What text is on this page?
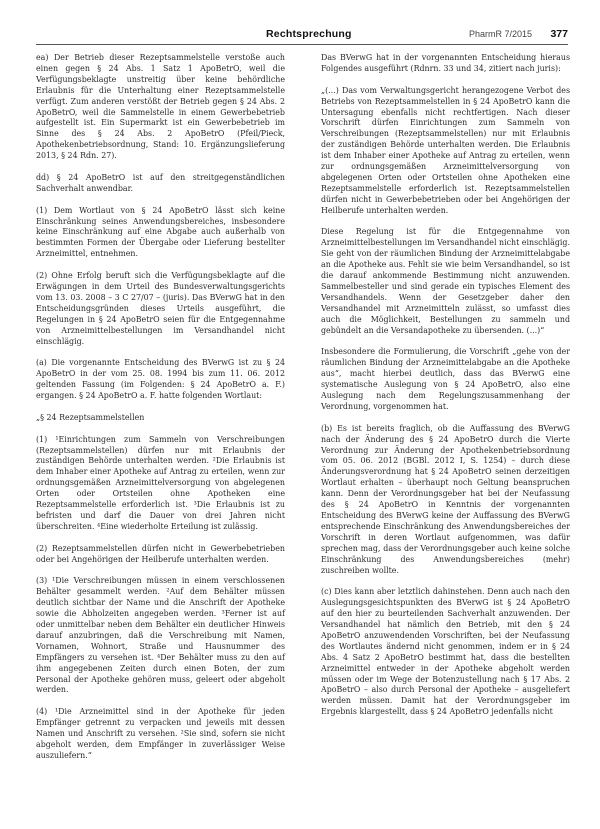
Rechtsprechung	PharmR 7/2015 377

ea) Der Betrieb dieser Rezeptsammelstelle verstoße auch einen gegen § 24 Abs. 1 Satz 1 ApoBetrO, weil die Verfügungsbeklagte unstreitig über keine behördliche Erlaubnis für die Unterhaltung einer Rezeptsammelstelle verfügt. Zum anderen verstößt der Betrieb gegen § 24 Abs. 2 ApoBetrO, weil die Sammelstelle in einem Gewerbebetrieb aufgestellt ist. Ein Supermarkt ist ein Gewerbebetrieb im Sinne des § 24 Abs. 2 ApoBetrO (Pfeil/Pieck, Apothekenbetriebsordnung, Stand: 10. Ergänzungslieferung 2013, § 24 Rdn. 27).

dd) § 24 ApoBetrO ist auf den streitgegenständlichen Sachverhalt anwendbar.

(1) Dem Wortlaut von § 24 ApoBetrO lässt sich keine Einschränkung seines Anwendungsbereiches, insbesondere keine Einschränkung auf eine Abgabe auch außerhalb von bestimmten Formen der Übergabe oder Lieferung bestellter Arzneimittel, entnehmen.

(2) Ohne Erfolg beruft sich die Verfügungsbeklagte auf die Erwägungen in dem Urteil des Bundesverwaltungsgerichts vom 13. 03. 2008 – 3 C 27/07 – (juris). Das BVerwG hat in den Entscheidungsgründen dieses Urteils ausgeführt, die Regelungen in § 24 ApoBetrO seien für die Entgegennahme von Arzneimittelbestellungen im Versandhandel nicht einschlägig.

(a) Die vorgenannte Entscheidung des BVerwG ist zu § 24 ApoBetrO in der vom 25. 08. 1994 bis zum 11. 06. 2012 geltenden Fassung (im Folgenden: § 24 ApoBetrO a. F.) ergangen. § 24 ApoBetrO a. F. hatte folgenden Wortlaut:

„§ 24 Rezeptsammelstellen

(1) ¹Einrichtungen zum Sammeln von Verschreibungen (Rezeptsammelstellen) dürfen nur mit Erlaubnis der zuständigen Behörde unterhalten werden. ²Die Erlaubnis ist dem Inhaber einer Apotheke auf Antrag zu erteilen, wenn zur ordnungsgemäßen Arzneimittelversorgung von abgelegenen Orten oder Ortsteilen ohne Apotheken eine Rezeptsammelstelle erforderlich ist. ³Die Erlaubnis ist zu befristen und darf die Dauer von drei Jahren nicht überschreiten. ⁴Eine wiederholte Erteilung ist zulässig.

(2) Rezeptsammelstellen dürfen nicht in Gewerbebetrieben oder bei Angehörigen der Heilberufe unterhalten werden.

(3) ¹Die Verschreibungen müssen in einem verschlossenen Behälter gesammelt werden. ²Auf dem Behälter müssen deutlich sichtbar der Name und die Anschrift der Apotheke sowie die Abholzeiten angegeben werden. ³Ferner ist auf oder unmittelbar neben dem Behälter ein deutlicher Hinweis darauf anzubringen, daß die Verschreibung mit Namen, Vornamen, Wohnort, Straße und Hausnummer des Empfängers zu versehen ist. ⁴Der Behälter muss zu den auf ihm angegebenen Zeiten durch einen Boten, der zum Personal der Apotheke gehören muss, geleert oder abgeholt werden.

(4) ¹Die Arzneimittel sind in der Apotheke für jeden Empfänger getrennt zu verpacken und jeweils mit dessen Namen und Anschrift zu versehen. ²Sie sind, sofern sie nicht abgeholt werden, dem Empfänger in zuverlässiger Weise auszuliefern.“

Das BVerwG hat in der vorgenannten Entscheidung hieraus Folgendes ausgeführt (Rdnrn. 33 und 34, zitiert nach juris):

„(...) Das vom Verwaltungsgericht herangezogene Verbot des Betriebs von Rezeptsammelstellen in § 24 ApoBetrO kann die Untersagung ebenfalls nicht rechtfertigen. Nach dieser Vorschrift dürfen Einrichtungen zum Sammeln von Verschreibungen (Rezeptsammelstellen) nur mit Erlaubnis der zuständigen Behörde unterhalten werden. Die Erlaubnis ist dem Inhaber einer Apotheke auf Antrag zu erteilen, wenn zur ordnungsgemäßen Arzneimittelversorgung von abgelegenen Orten oder Ortsteilen ohne Apotheken eine Rezeptsammelstelle erforderlich ist. Rezeptsammelstellen dürfen nicht in Gewerbebetrieben oder bei Angehörigen der Heilberufe unterhalten werden.

Diese Regelung ist für die Entgegennahme von Arzneimittelbestellungen im Versandhandel nicht einschlägig. Sie geht von der räumlichen Bindung der Arzneimittelabgabe an die Apotheke aus. Fehlt sie wie beim Versandhandel, so ist die darauf ankommende Bestimmung nicht anzuwenden. Sammelbesteller und sind gerade ein typisches Element des Versandhandels. Wenn der Gesetzgeber daher den Versandhandel mit Arzneimitteln zulässt, so umfasst dies auch die Möglichkeit, Bestellungen zu sammeln und gebündelt an die Versandapotheke zu übersenden. (...)“

Insbesondere die Formulierung, die Vorschrift „gehe von der räumlichen Bindung der Arzneimittelabgabe an die Apotheke aus“, macht hierbei deutlich, dass das BVerwG eine systematische Auslegung von § 24 ApoBetrO, also eine Auslegung nach dem Regelungszusammenhang der Verordnung, vorgenommen hat.

(b) Es ist bereits fraglich, ob die Auffassung des BVerwG nach der Änderung des § 24 ApoBetrO durch die Vierte Verordnung zur Änderung der Apothekenbetriebsordnung vom 05. 06. 2012 (BGBl. 2012 I, S. 1254) – durch diese Änderungsverordnung hat § 24 ApoBetrO seinen derzeitigen Wortlaut erhalten – überhaupt noch Geltung beanspruchen kann. Denn der Verordnungsgeber hat bei der Neufassung des § 24 ApoBetrO in Kenntnis der vorgenannten Entscheidung des BVerwG keine der Auffassung des BVerwG entsprechende Einschränkung des Anwendungsbereiches der Vorschrift in deren Wortlaut aufgenommen, was dafür sprechen mag, dass der Verordnungsgeber auch keine solche Einschränkung des Anwendungsbereiches (mehr) zuschreiben wollte.

(c) Dies kann aber letztlich dahinstehen. Denn auch nach den Auslegungsgesichtspunkten des BVerwG ist § 24 ApoBetrO auf den hier zu beurteilenden Sachverhalt anzuwenden. Der Versandhandel hat nämlich den Betrieb, mit den § 24 ApoBetrO anzuwendenden Vorschriften, bei der Neufassung des Wortlautes ändernd nicht genommen, indem er in § 24 Abs. 4 Satz 2 ApoBetrO bestimmt hat, dass die bestellten Arzneimittel entweder in der Apotheke abgeholt werden müssen oder im Wege der Botenzustellung nach § 17 Abs. 2 ApoBetrO – also durch Personal der Apotheke – ausgeliefert werden müssen. Damit hat der Verordnungsgeber im Ergebnis klargestellt, dass § 24 ApoBetrO jedenfalls nicht
